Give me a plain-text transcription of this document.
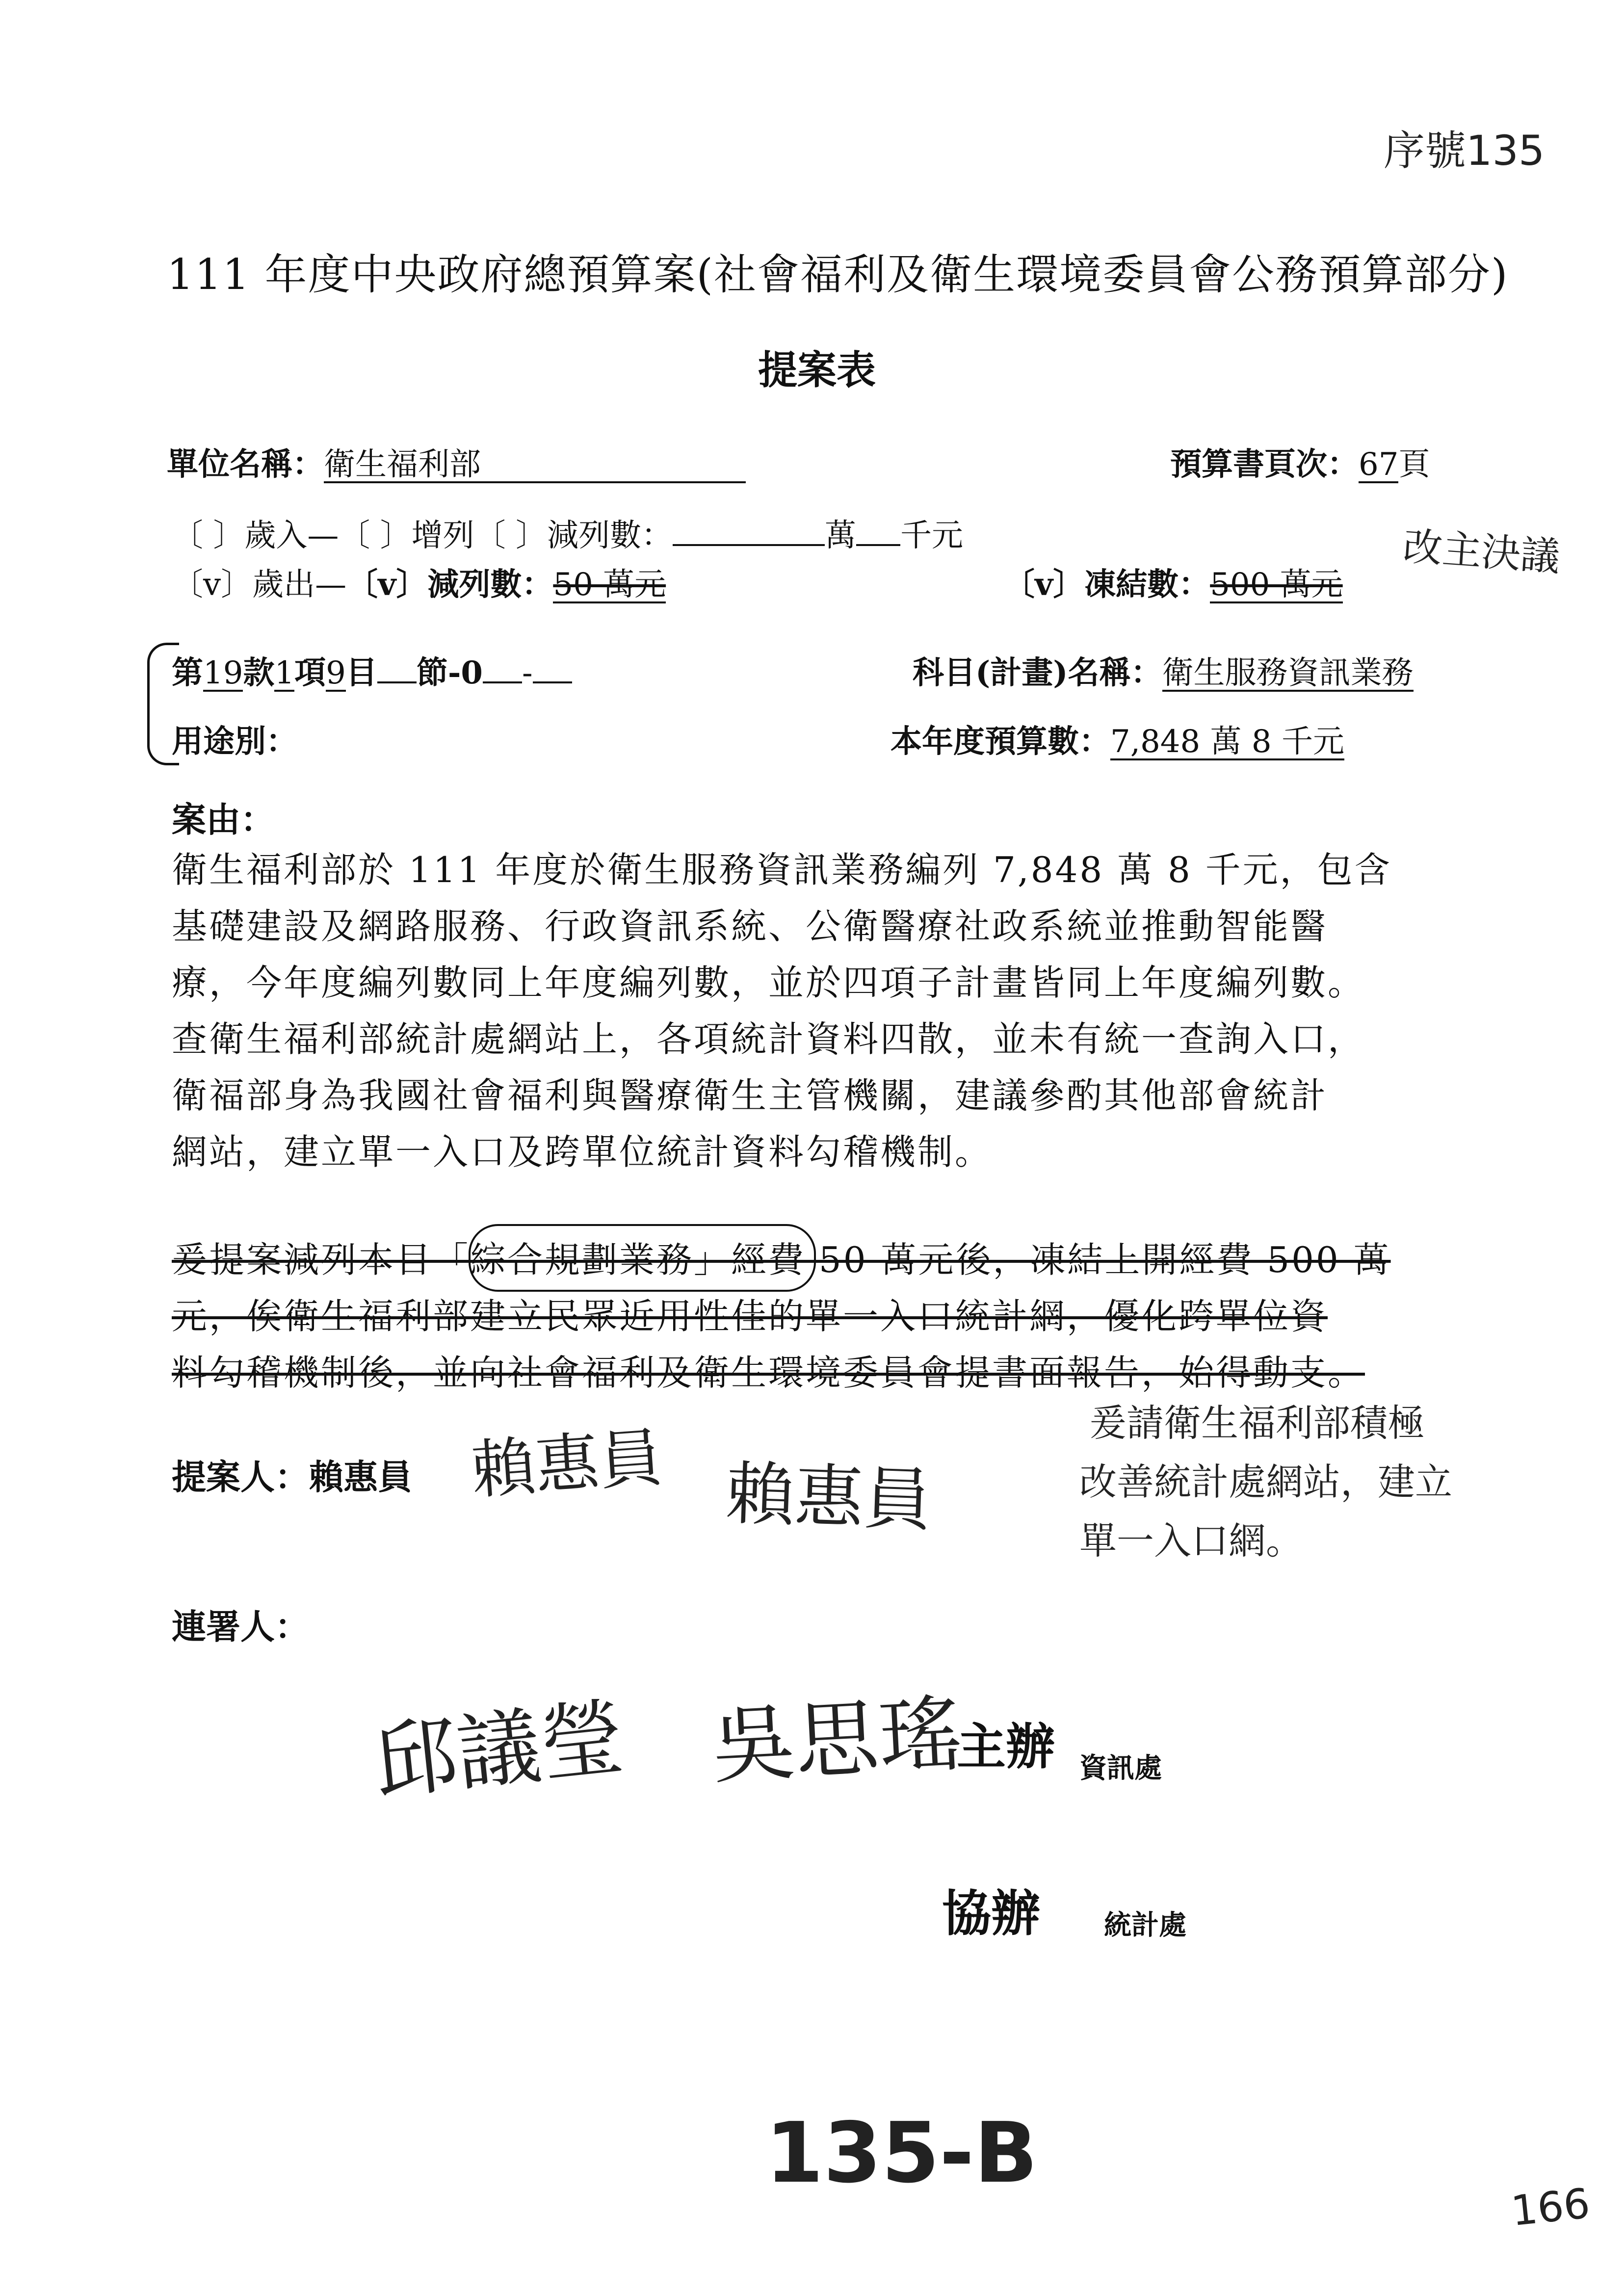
序號135
111 年度中央政府總預算案(社會福利及衛生環境委員會公務預算部分)
提案表
單位名稱：衛生福利部	預算書頁次：67頁
〔 〕歲入—〔 〕增列〔 〕減列數：	萬 千元
〔v〕歲出—〔v〕減列數：50 萬元	〔v〕凍結數：500 萬元
改主決議
第19款1項9目 節-0 -	科目(計畫)名稱：衛生服務資訊業務
用途別：	本年度預算數：7,848 萬 8 千元
案由：
衛生福利部於 111 年度於衛生服務資訊業務編列 7,848 萬 8 千元，包含
基礎建設及網路服務、行政資訊系統、公衛醫療社政系統並推動智能醫
療，今年度編列數同上年度編列數，並於四項子計畫皆同上年度編列數。
查衛生福利部統計處網站上，各項統計資料四散，並未有統一查詢入口，
衛福部身為我國社會福利與醫療衛生主管機關，建議參酌其他部會統計
網站，建立單一入口及跨單位統計資料勾稽機制。
爰提案減列本目「綜合規劃業務」經費 50 萬元後，凍結上開經費 500 萬
元，俟衛生福利部建立民眾近用性佳的單一入口統計網，優化跨單位資
料勾稽機制後，並向社會福利及衛生環境委員會提書面報告，始得動支。
爰請衛生福利部積極
改善統計處網站，建立
單一入口網。
提案人：賴惠員 賴惠員 賴惠員
連署人：
邱議瑩 吳思瑤
主辦 資訊處
協辦 統計處
135-B
166
